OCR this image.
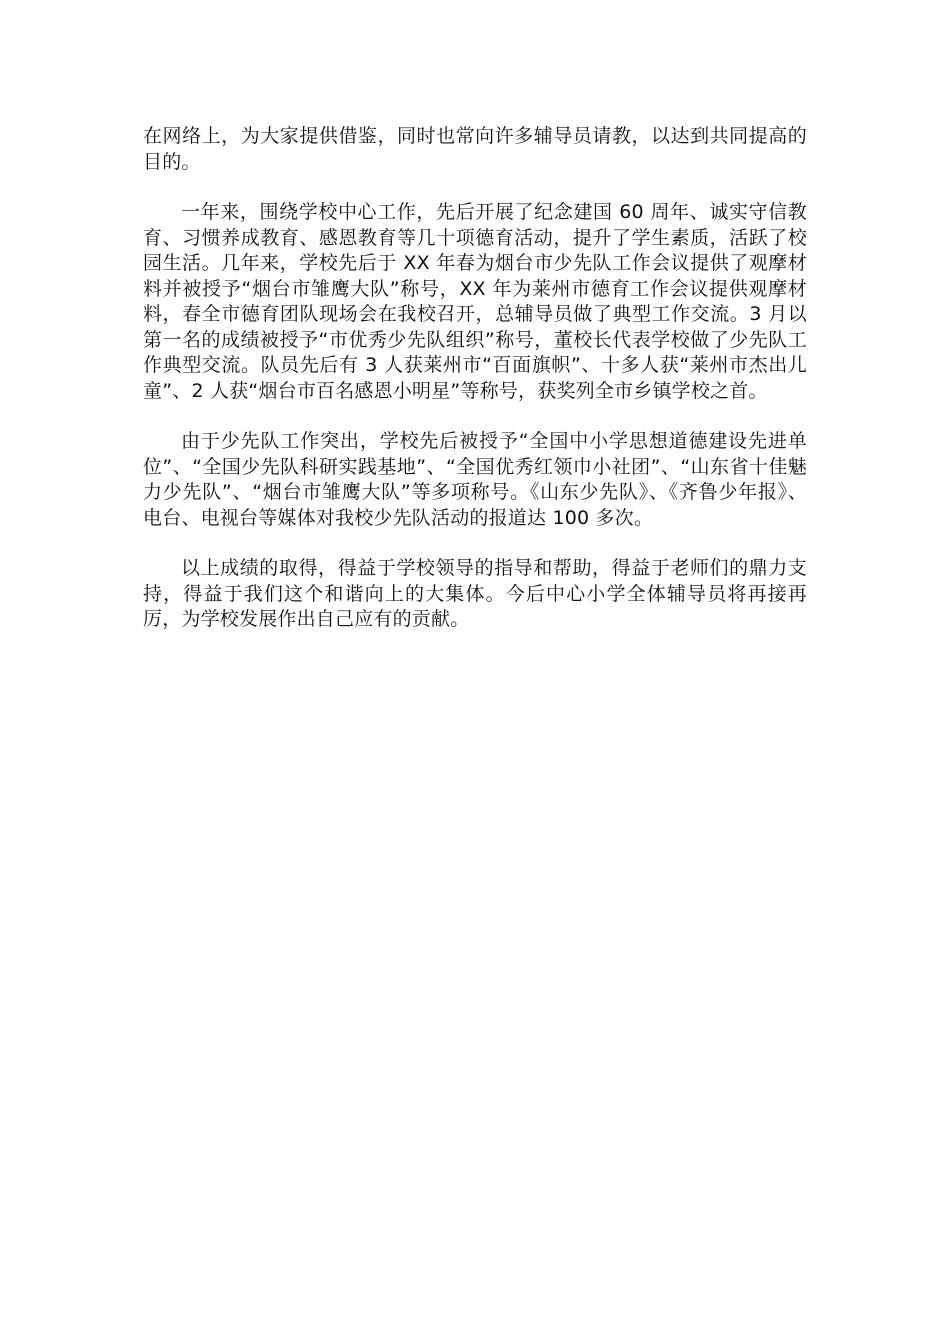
在网络上，为大家提供借鉴，同时也常向许多辅导员请教，以达到共同提高的目的。

一年来，围绕学校中心工作，先后开展了纪念建国 60 周年、诚实守信教育、习惯养成教育、感恩教育等几十项德育活动，提升了学生素质，活跃了校园生活。几年来，学校先后于 XX 年春为烟台市少先队工作会议提供了观摩材料并被授予“烟台市雏鹰大队”称号，XX 年为莱州市德育工作会议提供观摩材料，春全市德育团队现场会在我校召开，总辅导员做了典型工作交流。3 月以第一名的成绩被授予“市优秀少先队组织”称号，董校长代表学校做了少先队工作典型交流。队员先后有 3 人获莱州市“百面旗帜”、十多人获“莱州市杰出儿童”、2 人获“烟台市百名感恩小明星”等称号，获奖列全市乡镇学校之首。

由于少先队工作突出，学校先后被授予“全国中小学思想道德建设先进单位”、“全国少先队科研实践基地”、“全国优秀红领巾小社团”、“山东省十佳魅力少先队”、“烟台市雏鹰大队”等多项称号。《山东少先队》、《齐鲁少年报》、电台、电视台等媒体对我校少先队活动的报道达 100 多次。

以上成绩的取得，得益于学校领导的指导和帮助，得益于老师们的鼎力支持，得益于我们这个和谐向上的大集体。今后中心小学全体辅导员将再接再厉，为学校发展作出自己应有的贡献。
